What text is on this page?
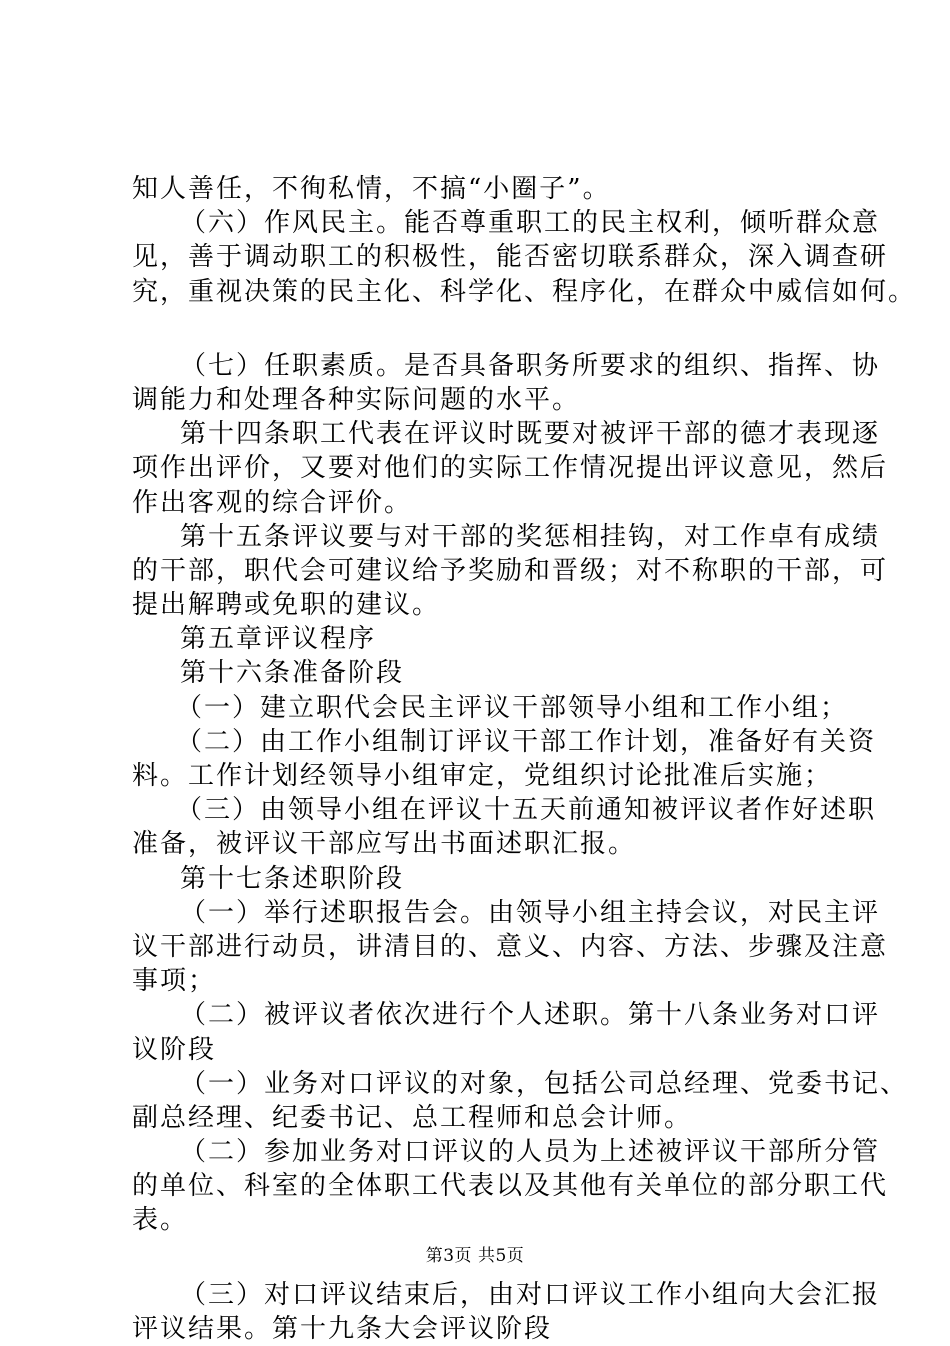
知人善任，不徇私情，不搞“小圈子”。
（六）作风民主。能否尊重职工的民主权利，倾听群众意
见，善于调动职工的积极性，能否密切联系群众，深入调查研
究，重视决策的民主化、科学化、程序化，在群众中威信如何。
（七）任职素质。是否具备职务所要求的组织、指挥、协
调能力和处理各种实际问题的水平。
第十四条职工代表在评议时既要对被评干部的德才表现逐
项作出评价，又要对他们的实际工作情况提出评议意见，然后
作出客观的综合评价。
第十五条评议要与对干部的奖惩相挂钩，对工作卓有成绩
的干部，职代会可建议给予奖励和晋级；对不称职的干部，可
提出解聘或免职的建议。
第五章评议程序
第十六条准备阶段
（一）建立职代会民主评议干部领导小组和工作小组；
（二）由工作小组制订评议干部工作计划，准备好有关资
料。工作计划经领导小组审定，党组织讨论批准后实施；
（三）由领导小组在评议十五天前通知被评议者作好述职
准备，被评议干部应写出书面述职汇报。
第十七条述职阶段
（一）举行述职报告会。由领导小组主持会议，对民主评
议干部进行动员，讲清目的、意义、内容、方法、步骤及注意
事项；
（二）被评议者依次进行个人述职。第十八条业务对口评
议阶段
（一）业务对口评议的对象，包括公司总经理、党委书记、
副总经理、纪委书记、总工程师和总会计师。
（二）参加业务对口评议的人员为上述被评议干部所分管
的单位、科室的全体职工代表以及其他有关单位的部分职工代
表。
（三）对口评议结束后，由对口评议工作小组向大会汇报
评议结果。第十九条大会评议阶段
第3页 共5页
